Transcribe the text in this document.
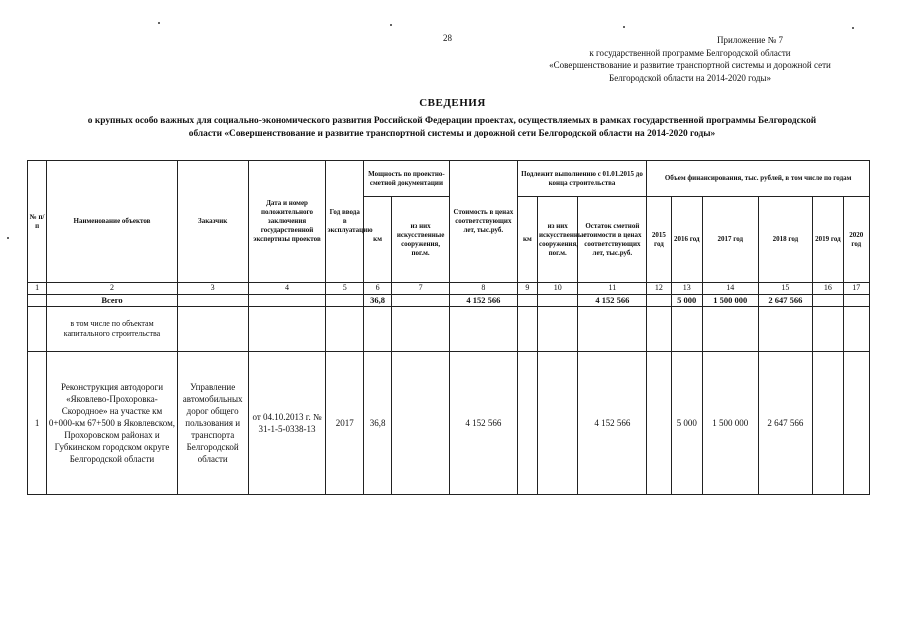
28	Приложение № 7
к государственной программе Белгородской области
«Совершенствование и развитие транспортной системы и дорожной сети
Белгородской области на 2014-2020 годы»
СВЕДЕНИЯ
о крупных особо важных для социально-экономического развития Российской Федерации проектах, осуществляемых в рамках государственной программы Белгородской
области «Совершенствование и развитие транспортной системы и дорожной сети Белгородской области на 2014-2020 годы»
№ п/п	Наименование объектов	Заказчик	Дата и номер положительного заключения государственной экспертизы проектов	Год ввода в эксплуатацию	Мощность по проектно-сметной документации		Стоимость в ценах соответствующих лет, тыс.руб.	Подлежит выполнению с 01.01.2015 до конца строительства			Объем финансирования, тыс. рублей, в том числе по годам					
					км	из них искусственные сооружения, пог.м.		км	из них искусственные сооружения, пог.м.	Остаток сметной стоимости в ценах соответствующих лет, тыс.руб.	2015 год	2016 год	2017 год	2018 год	2019 год	2020 год
1	2	3	4	5	6	7	8	9	10	11	12	13	14	15	16	17
	Всего				36,8		4 152 566			4 152 566		5 000	1 500 000	2 647 566		
	в том числе по объектам капитального строительства															
1	Реконструкция автодороги «Яковлево-Прохоровка-Скородное» на участке км 0+000-км 67+500 в Яковлевском, Прохоровском районах и Губкинском городском округе Белгородской области	Управление автомобильных дорог общего пользования и транспорта Белгородской области	от 04.10.2013 г. № 31-1-5-0338-13	2017	36,8		4 152 566			4 152 566		5 000	1 500 000	2 647 566		
